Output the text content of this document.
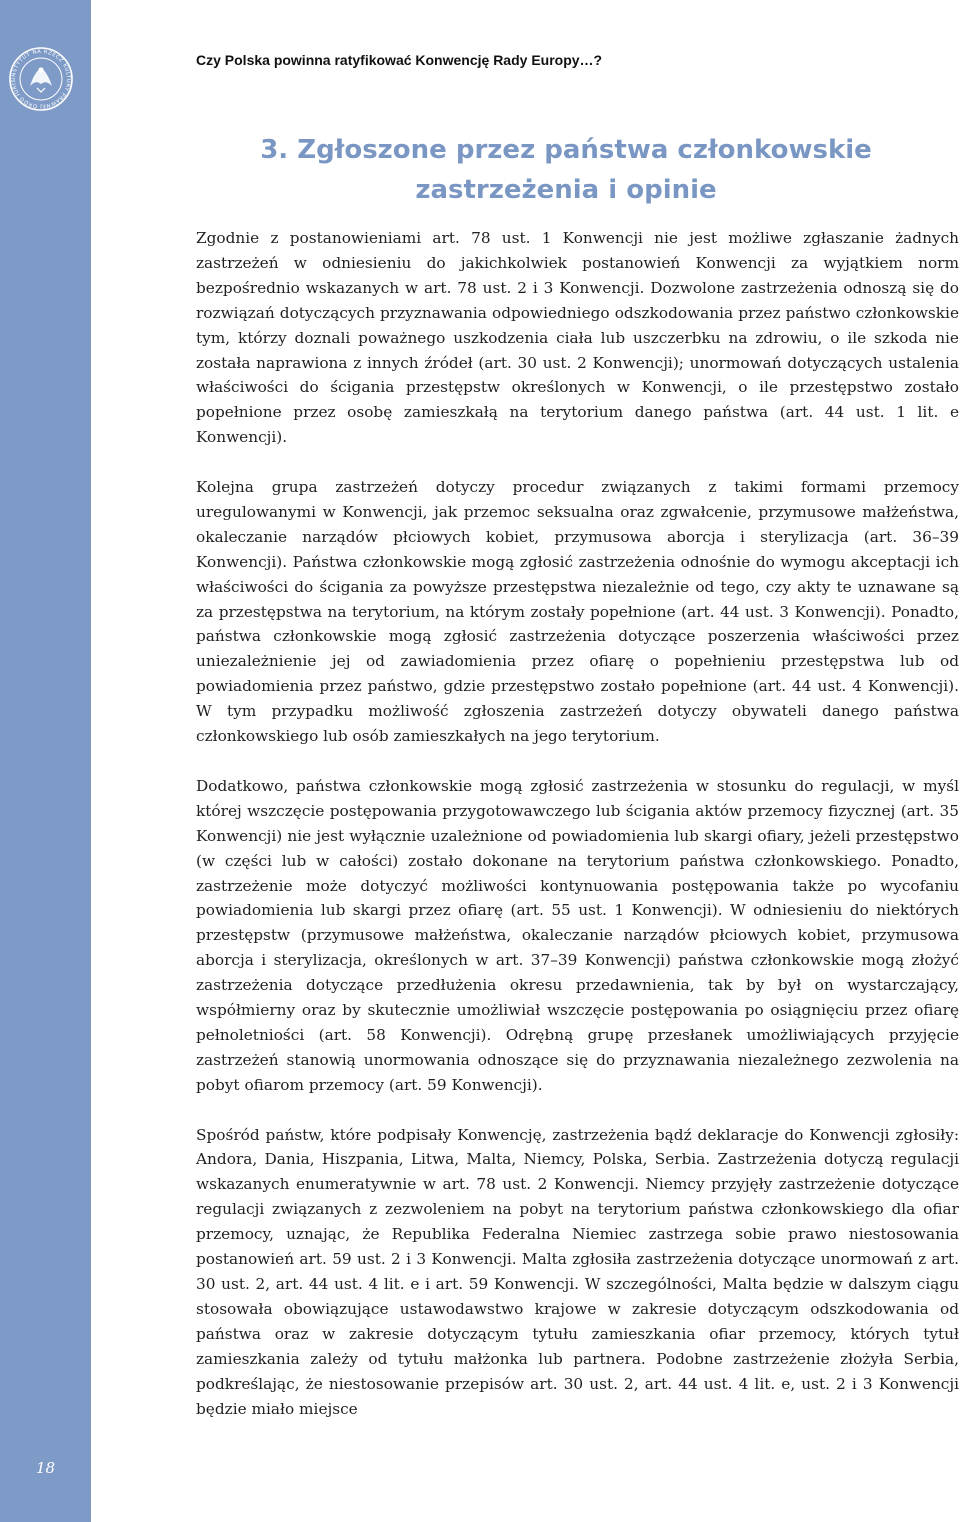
INSTYTUT NA RZECZ KULTURY PRAWNEJ ORDO IURIS
18
Czy Polska powinna ratyfikować Konwencję Rady Europy…?
3. Zgłoszone przez państwa członkowskie
zastrzeżenia i opinie

Zgodnie z postanowieniami art. 78 ust. 1 Konwencji nie jest możliwe zgłaszanie żadnych zastrzeżeń w odniesieniu do jakichkolwiek postanowień Konwencji za wyjątkiem norm bezpośrednio wskazanych w art. 78 ust. 2 i 3 Konwencji. Dozwolone zastrzeżenia odnoszą się do rozwiązań dotyczących przyznawania odpowiedniego odszkodowania przez państwo członkowskie tym, którzy doznali poważnego uszkodzenia ciała lub uszczerbku na zdrowiu, o ile szkoda nie została naprawiona z innych źródeł (art. 30 ust. 2 Konwencji); unormowań dotyczących ustalenia właściwości do ścigania przestępstw określonych w Konwencji, o ile przestępstwo zostało popełnione przez osobę zamieszkałą na terytorium danego państwa (art. 44 ust. 1 lit. e Konwencji).

Kolejna grupa zastrzeżeń dotyczy procedur związanych z takimi formami przemocy uregulowanymi w Konwencji, jak przemoc seksualna oraz zgwałcenie, przymusowe małżeństwa, okaleczanie narządów płciowych kobiet, przymusowa aborcja i sterylizacja (art. 36–39 Konwencji). Państwa członkowskie mogą zgłosić zastrzeżenia odnośnie do wymogu akceptacji ich właściwości do ścigania za powyższe przestępstwa niezależnie od tego, czy akty te uznawane są za przestępstwa na terytorium, na którym zostały popełnione (art. 44 ust. 3 Konwencji). Ponadto, państwa członkowskie mogą zgłosić zastrzeżenia dotyczące poszerzenia właściwości przez uniezależnienie jej od zawiadomienia przez ofiarę o popełnieniu przestępstwa lub od powiadomienia przez państwo, gdzie przestępstwo zostało popełnione (art. 44 ust. 4 Konwencji). W tym przypadku możliwość zgłoszenia zastrzeżeń dotyczy obywateli danego państwa członkowskiego lub osób zamieszkałych na jego terytorium.

Dodatkowo, państwa członkowskie mogą zgłosić zastrzeżenia w stosunku do regulacji, w myśl której wszczęcie postępowania przygotowawczego lub ścigania aktów przemocy fizycznej (art. 35 Konwencji) nie jest wyłącznie uzależnione od powiadomienia lub skargi ofiary, jeżeli przestępstwo (w części lub w całości) zostało dokonane na terytorium państwa członkowskiego. Ponadto, zastrzeżenie może dotyczyć możliwości kontynuowania postępowania także po wycofaniu powiadomienia lub skargi przez ofiarę (art. 55 ust. 1 Konwencji). W odniesieniu do niektórych przestępstw (przymusowe małżeństwa, okaleczanie narządów płciowych kobiet, przymusowa aborcja i sterylizacja, określonych w art. 37–39 Konwencji) państwa członkowskie mogą złożyć zastrzeżenia dotyczące przedłużenia okresu przedawnienia, tak by był on wystarczający, współmierny oraz by skutecznie umożliwiał wszczęcie postępowania po osiągnięciu przez ofiarę pełnoletniości (art. 58 Konwencji). Odrębną grupę przesłanek umożliwiających przyjęcie zastrzeżeń stanowią unormowania odnoszące się do przyznawania niezależnego zezwolenia na pobyt ofiarom przemocy (art. 59 Konwencji).

Spośród państw, które podpisały Konwencję, zastrzeżenia bądź deklaracje do Konwencji zgłosiły: Andora, Dania, Hiszpania, Litwa, Malta, Niemcy, Polska, Serbia. Zastrzeżenia dotyczą regulacji wskazanych enumeratywnie w art. 78 ust. 2 Konwencji. Niemcy przyjęły zastrzeżenie dotyczące regulacji związanych z zezwoleniem na pobyt na terytorium państwa członkowskiego dla ofiar przemocy, uznając, że Republika Federalna Niemiec zastrzega sobie prawo niestosowania postanowień art. 59 ust. 2 i 3 Konwencji. Malta zgłosiła zastrzeżenia dotyczące unormowań z art. 30 ust. 2, art. 44 ust. 4 lit. e i art. 59 Konwencji. W szczególności, Malta będzie w dalszym ciągu stosowała obowiązujące ustawodawstwo krajowe w zakresie dotyczącym odszkodowania od państwa oraz w zakresie dotyczącym tytułu zamieszkania ofiar przemocy, których tytuł zamieszkania zależy od tytułu małżonka lub partnera. Podobne zastrzeżenie złożyła Serbia, podkreślając, że niestosowanie przepisów art. 30 ust. 2, art. 44 ust. 4 lit. e, ust. 2 i 3 Konwencji będzie miało miejsce
